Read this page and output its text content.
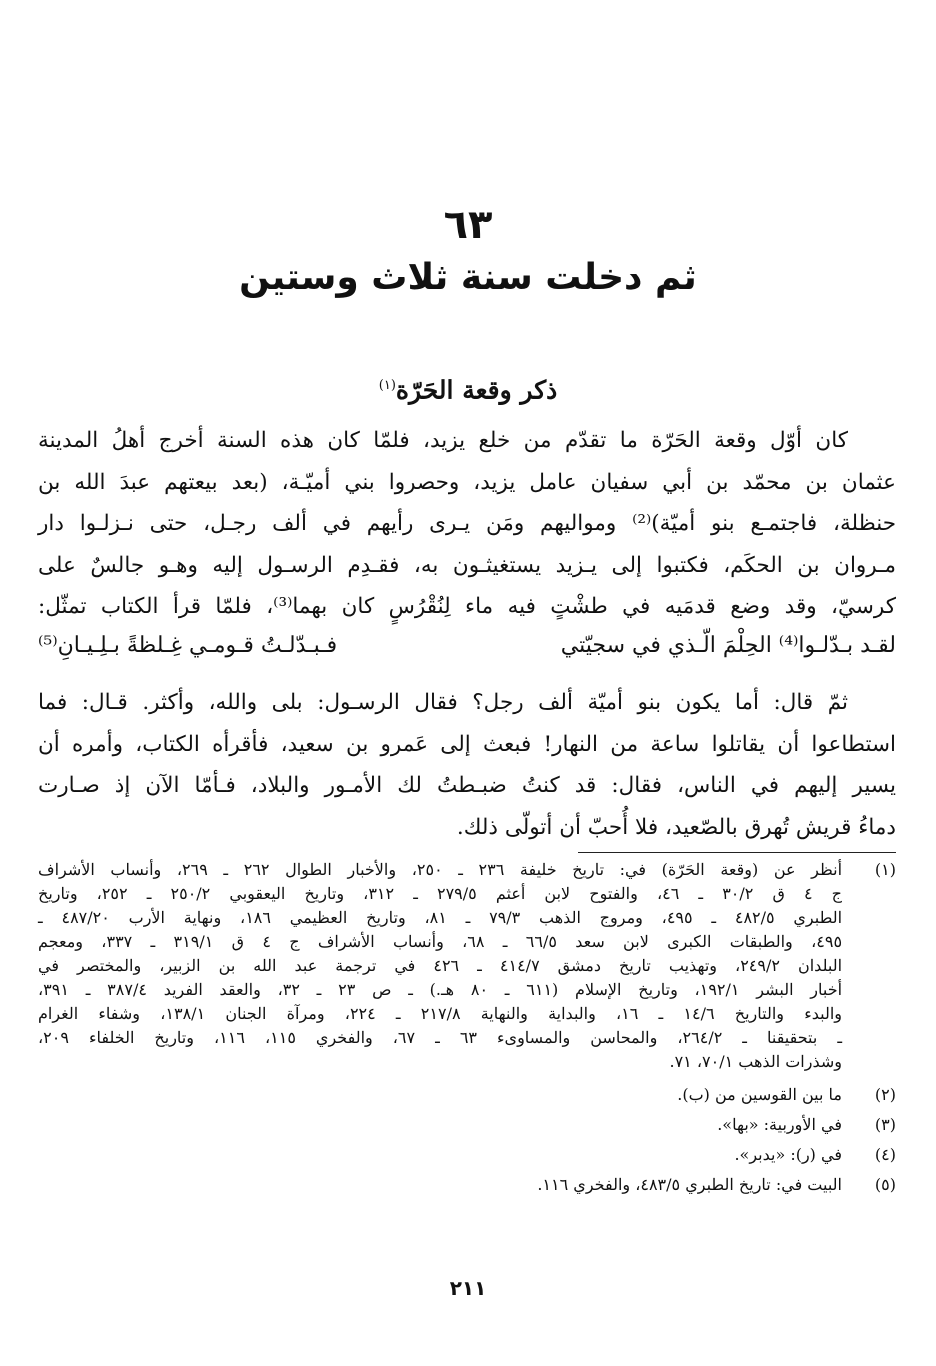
٦٣
ثم دخلت سنة ثلاث وستين
ذكر وقعة الحَرّة$^{(١)}$
كان أوّل وقعة الحَرّة ما تقدّم من خلع يزيد، فلمّا كان هذه السنة أخرج أهلُ المدينة
عثمان بن محمّد بن أبي سفيان عامل يزيد، وحصروا بني أميّـة، (بعد بيعتهم عبدَ الله بن
حنظلة، فاجتمـع بنو أميّة)⁽²⁾ ومواليهم ومَن يـرى رأيهم في ألف رجـل، حتى نـزلـوا دار
مـروان بن الحكَم، فكتبوا إلى يـزيد يستغيثـون به، فقـدِم الرسـول إليه وهـو جالسٌ على
كرسيّ، وقد وضع قدمَيه في طشْتٍ فيه ماء لِنُقْرُسٍ كان بهما⁽³⁾، فلمّا قرأ الكتاب تمثّل:
لقـد بـدّلـوا⁽⁴⁾ الحِلْمَ الّـذي في سجيّتي
فـبـدّلـتُ قـومـي غِـلظةً بـلِـيـانِ⁽⁵⁾
ثمّ قال: أما يكون بنو أميّة ألف رجل؟ فقال الرسـول: بلى والله، وأكثر. قـال: فما
استطاعوا أن يقاتلوا ساعة من النهار! فبعث إلى عَمرو بن سعيد، فأقرأه الكتاب، وأمره أن
يسير إليهم في الناس، فقال: قد كنتُ ضبـطتُ لك الأمـور والبلاد، فـأمّا الآن إذ صـارت
دماءُ قريش تُهرق بالصّعيد، فلا أُحبّ أن أتولّى ذلك.
(١)
أنظر عن (وقعة الحَرّة) في: تاريخ خليفة ٢٣٦ ـ ٢٥٠، والأخبار الطوال ٢٦٢ ـ ٢٦٩، وأنساب الأشراف
ج ٤ ق ٣٠/٢ ـ ٤٦، والفتوح لابن أعثم ٢٧٩/٥ ـ ٣١٢، وتاريخ اليعقوبي ٢٥٠/٢ ـ ٢٥٢، وتاريخ
الطبري ٤٨٢/٥ ـ ٤٩٥، ومروج الذهب ٧٩/٣ ـ ٨١، وتاريخ العظيمي ١٨٦، ونهاية الأرب ٤٨٧/٢٠ ـ
٤٩٥، والطبقات الكبرى لابن سعد ٦٦/٥ ـ ٦٨، وأنساب الأشراف ج ٤ ق ٣١٩/١ ـ ٣٣٧، ومعجم
البلدان ٢٤٩/٢، وتهذيب تاريخ دمشق ٤١٤/٧ ـ ٤٢٦ في ترجمة عبد الله بن الزبير، والمختصر في
أخبار البشر ١٩٢/١، وتاريخ الإسلام (٦١١ ـ ٨٠ هـ.) ـ ص ٢٣ ـ ٣٢، والعقد الفريد ٣٨٧/٤ ـ ٣٩١،
والبدء والتاريخ ١٤/٦ ـ ١٦، والبداية والنهاية ٢١٧/٨ ـ ٢٢٤، ومرآة الجنان ١٣٨/١، وشفاء الغرام
ـ بتحقيقنا ـ ٢٦٤/٢، والمحاسن والمساوىء ٦٣ ـ ٦٧، والفخري ١١٥، ١١٦، وتاريخ الخلفاء ٢٠٩،
وشذرات الذهب ٧٠/١، ٧١.
(٢)
ما بين القوسين من (ب).
(٣)
في الأوربية: «بها».
(٤)
في (ر): «يدبر».
(٥)
البيت في: تاريخ الطبري ٤٨٣/٥، والفخري ١١٦.
٢١١
